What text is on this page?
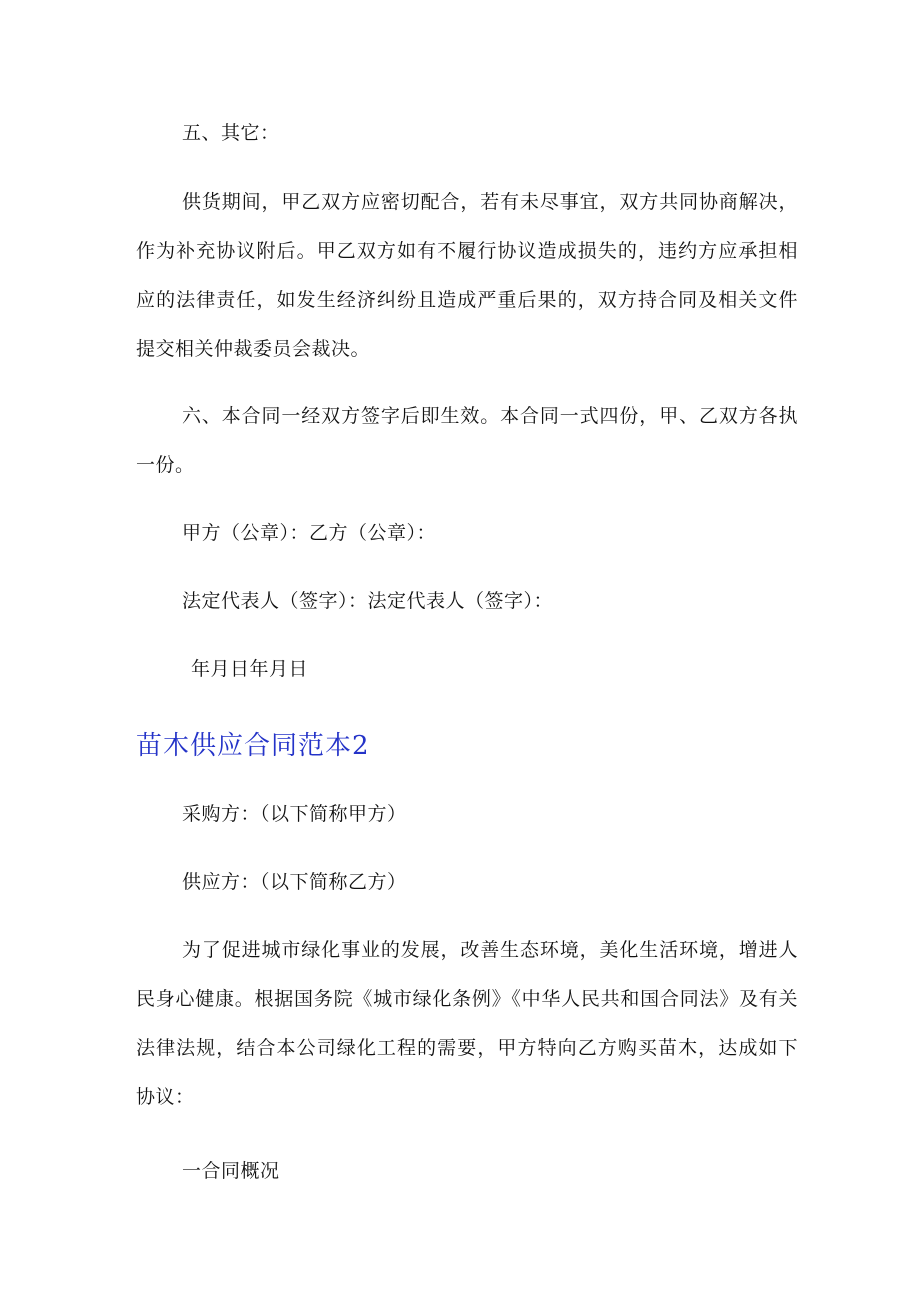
五、其它：

供货期间，甲乙双方应密切配合，若有未尽事宜，双方共同协商解决，作为补充协议附后。甲乙双方如有不履行协议造成损失的，违约方应承担相应的法律责任，如发生经济纠纷且造成严重后果的，双方持合同及相关文件提交相关仲裁委员会裁决。

六、本合同一经双方签字后即生效。本合同一式四份，甲、乙双方各执一份。

甲方（公章）：乙方（公章）：

法定代表人（签字）：法定代表人（签字）：

年月日年月日

苗木供应合同范本2

采购方：（以下简称甲方）

供应方：（以下简称乙方）

为了促进城市绿化事业的发展，改善生态环境，美化生活环境，增进人民身心健康。根据国务院《城市绿化条例》《中华人民共和国合同法》及有关法律法规，结合本公司绿化工程的需要，甲方特向乙方购买苗木，达成如下协议：

一合同概况
